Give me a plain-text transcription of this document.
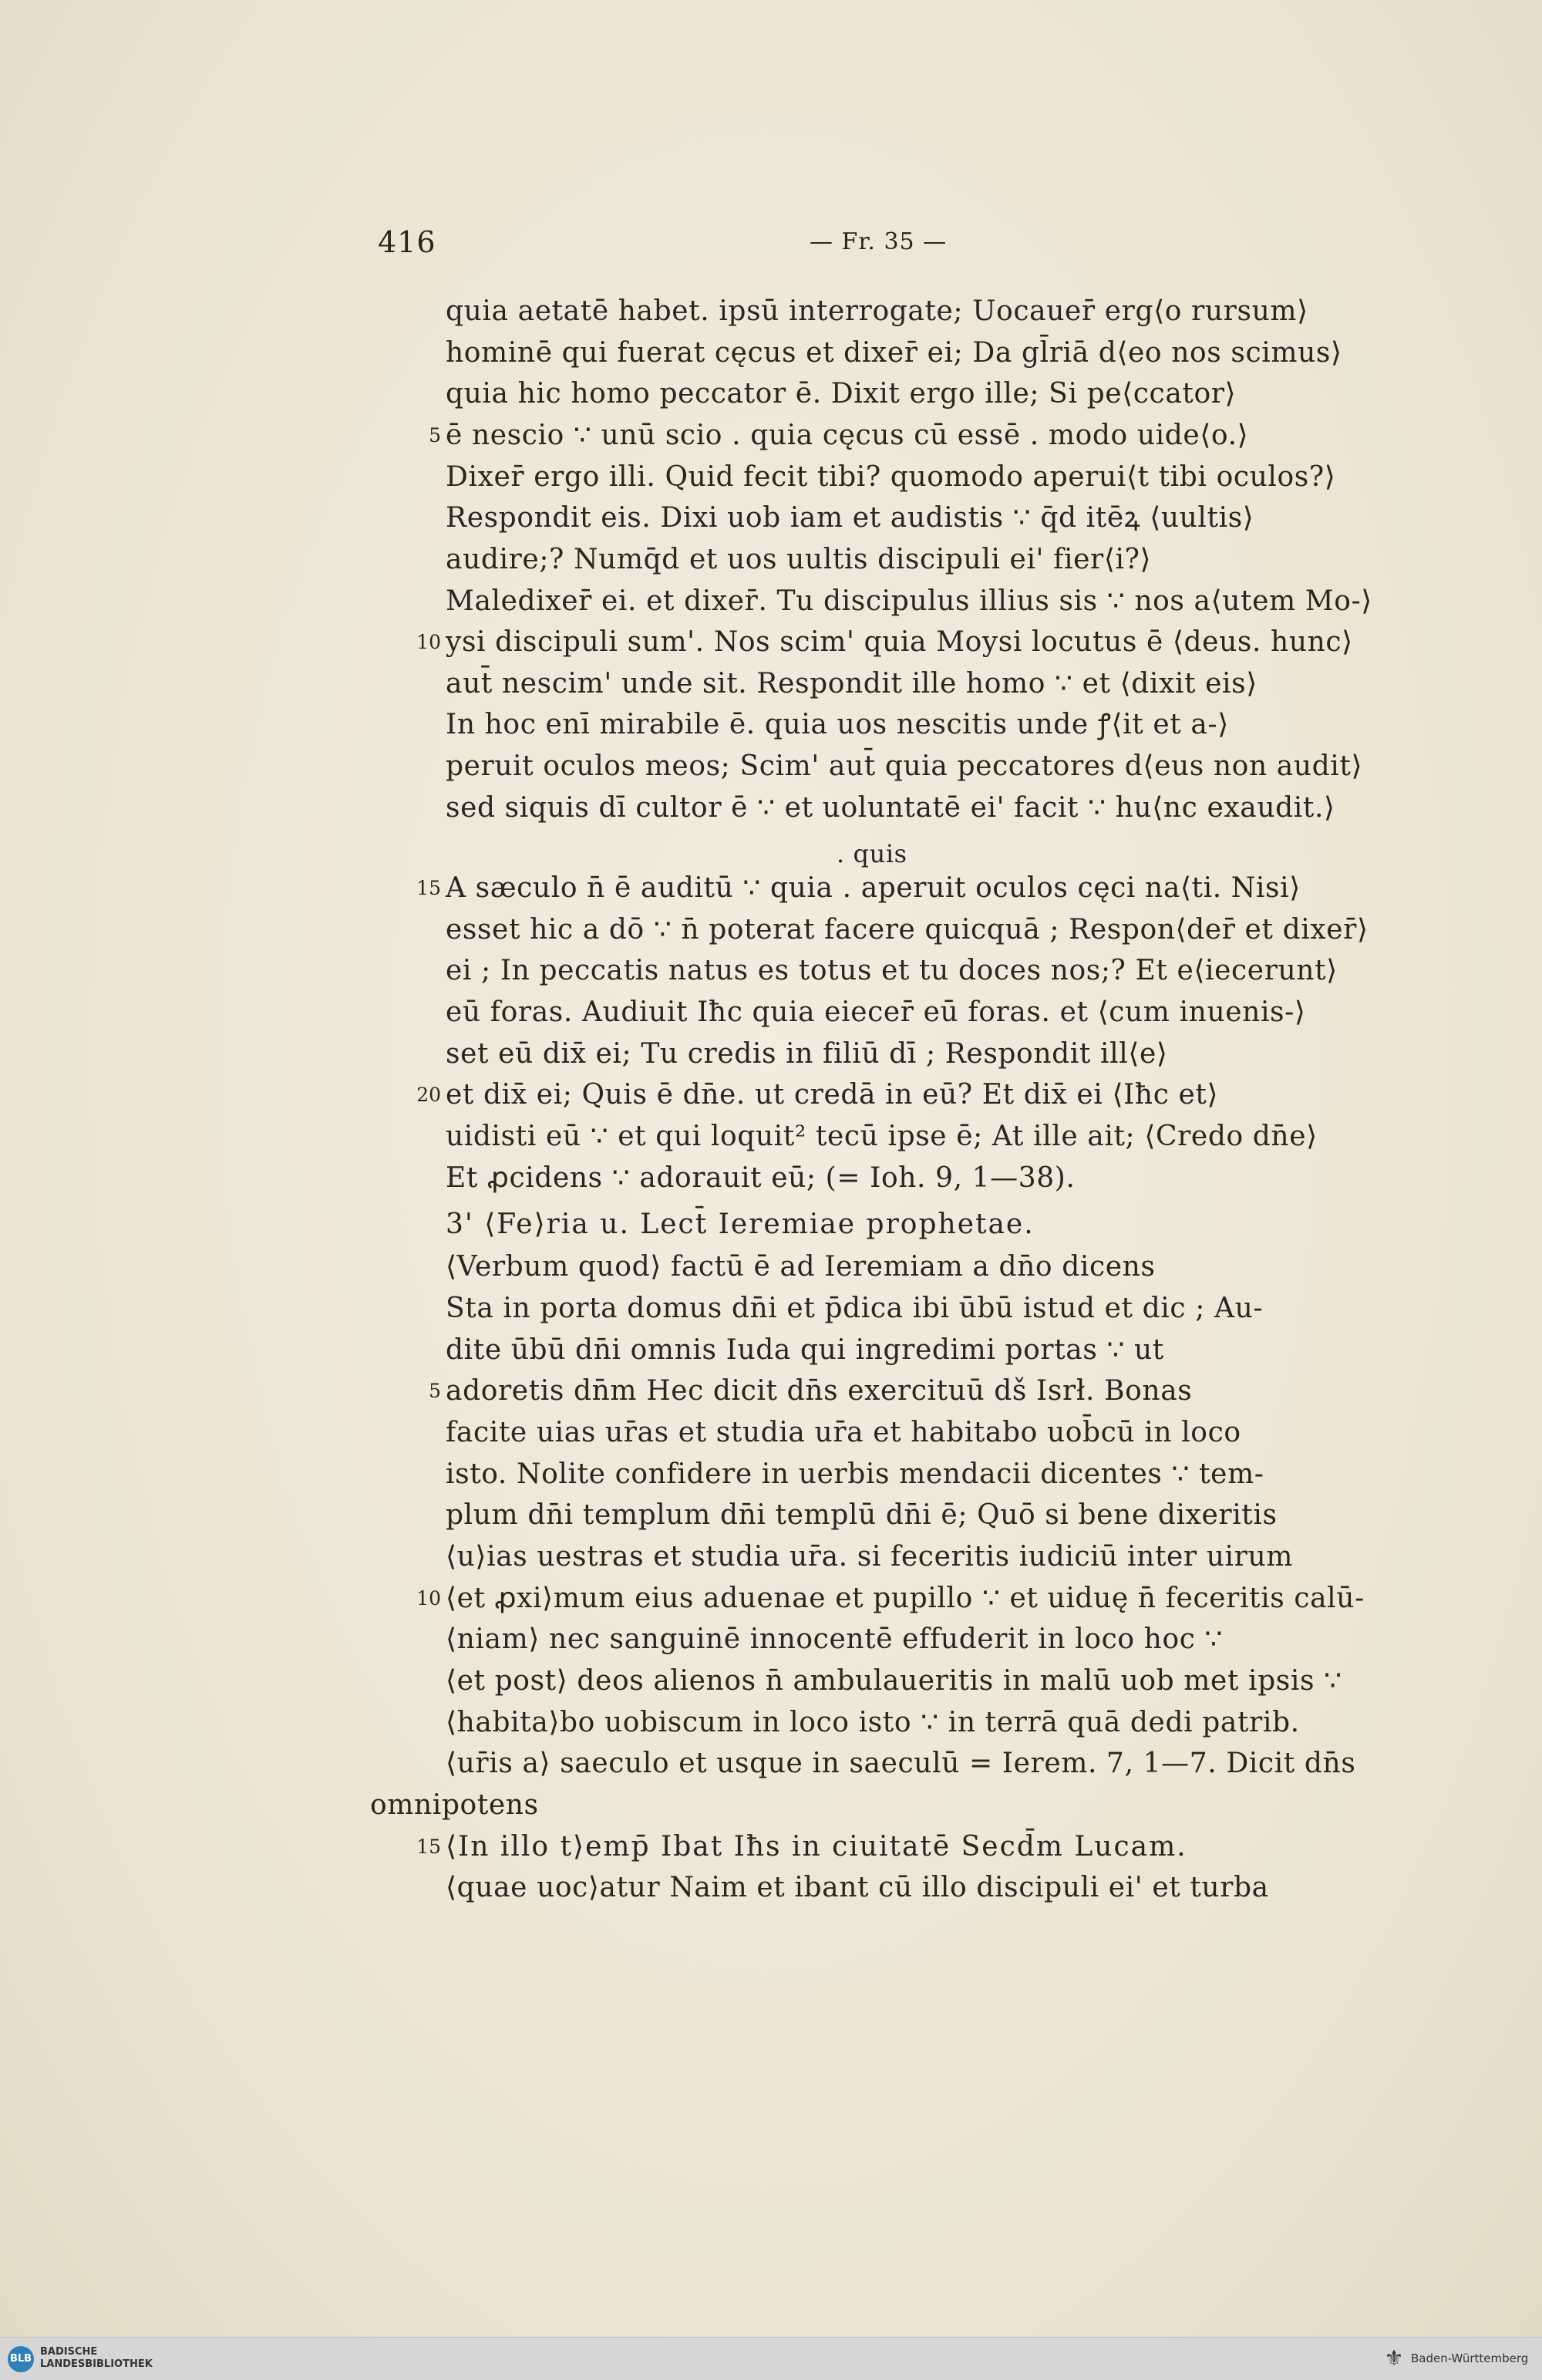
416	— Fr. 35 —
quia aetatē habet. ipsū interrogate; Uocauer̄ erg⟨o rursum⟩
hominē qui fuerat cęcus et dixer̄ ei; Da gl̄riā d⟨eo nos scimus⟩
quia hic homo peccator ē. Dixit ergo ille; Si pe⟨ccator⟩
ē nescio ∵ unū scio . quia cęcus cū essē . modo uide⟨o.⟩
Dixer̄ ergo illi. Quid fecit tibi? quomodo aperui⟨t tibi oculos?⟩
Respondit eis. Dixi uob iam et audistis ∵ q̄d itēꝝ ⟨uultis⟩
audire;? Numq̄d et uos uultis discipuli ei' fier⟨i?⟩
Maledixer̄ ei. et dixer̄. Tu discipulus illius sis ∵ nos a⟨utem Mo-⟩
ysi discipuli sum'. Nos scim' quia Moysi locutus ē ⟨deus. hunc⟩
aut̄ nescim' unde sit. Respondit ille homo ∵ et ⟨dixit eis⟩
In hoc enī mirabile ē. quia uos nescitis unde ꝭ⟨it et a-⟩
peruit oculos meos; Scim' aut̄ quia peccatores d⟨eus non audit⟩
sed siquis dī cultor ē ∵ et uoluntatē ei' facit ∵ hu⟨nc exaudit.⟩
. quis
A sæculo n̄ ē auditū ∵ quia . aperuit oculos cęci na⟨ti. Nisi⟩
esset hic a dō ∵ n̄ poterat facere quicquā ; Respon⟨der̄ et dixer̄⟩
ei ; In peccatis natus es totus et tu doces nos;? Et e⟨iecerunt⟩
eū foras. Audiuit Iħc quia eiecer̄ eū foras. et ⟨cum inuenis-⟩
set eū dix̄ ei; Tu credis in filiū dī ; Respondit ill⟨e⟩
et dix̄ ei; Quis ē dn̄e. ut credā in eū? Et dix̄ ei ⟨Iħc et⟩
uidisti eū ∵ et qui loquit² tecū ipse ē; At ille ait; ⟨Credo dn̄e⟩
Et ꝓcidens ∵ adorauit eū; (= Ioh. 9, 1—38).
3' ⟨Fe⟩ria u. Lect̄ Ieremiae prophetae.
⟨Verbum quod⟩ factū ē ad Ieremiam a dn̄o dicens
Sta in porta domus dn̄i et p̄dica ibi ūbū istud et dic ; Au-
dite ūbū dn̄i omnis Iuda qui ingredimi portas ∵ ut
adoretis dn̄m Hec dicit dn̄s exercituū dš Isrł. Bonas
facite uias ur̄as et studia ur̄a et habitabo uob̄cū in loco
isto. Nolite confidere in uerbis mendacii dicentes ∵ tem-
plum dn̄i templum dn̄i templū dn̄i ē; Quō si bene dixeritis
⟨u⟩ias uestras et studia ur̄a. si feceritis iudiciū inter uirum
⟨et ꝓxi⟩mum eius aduenae et pupillo ∵ et uiduę n̄ feceritis calū-
⟨niam⟩ nec sanguinē innocentē effuderit in loco hoc ∵
⟨et post⟩ deos alienos n̄ ambulaueritis in malū uob met ipsis ∵
⟨habita⟩bo uobiscum in loco isto ∵ in terrā quā dedi patrib.
⟨ur̄is a⟩ saeculo et usque in saeculū = Ierem. 7, 1—7. Dicit dn̄s
omnipotens
⟨In illo t⟩emp̄ Ibat Iħs in ciuitatē Secd̄m Lucam.
⟨quae uoc⟩atur Naim et ibant cū illo discipuli ei' et turba
5
10
15
20
5
10
15
BLB
BADISCHE LANDESBIBLIOTHEK	⚜ Baden-Württemberg
